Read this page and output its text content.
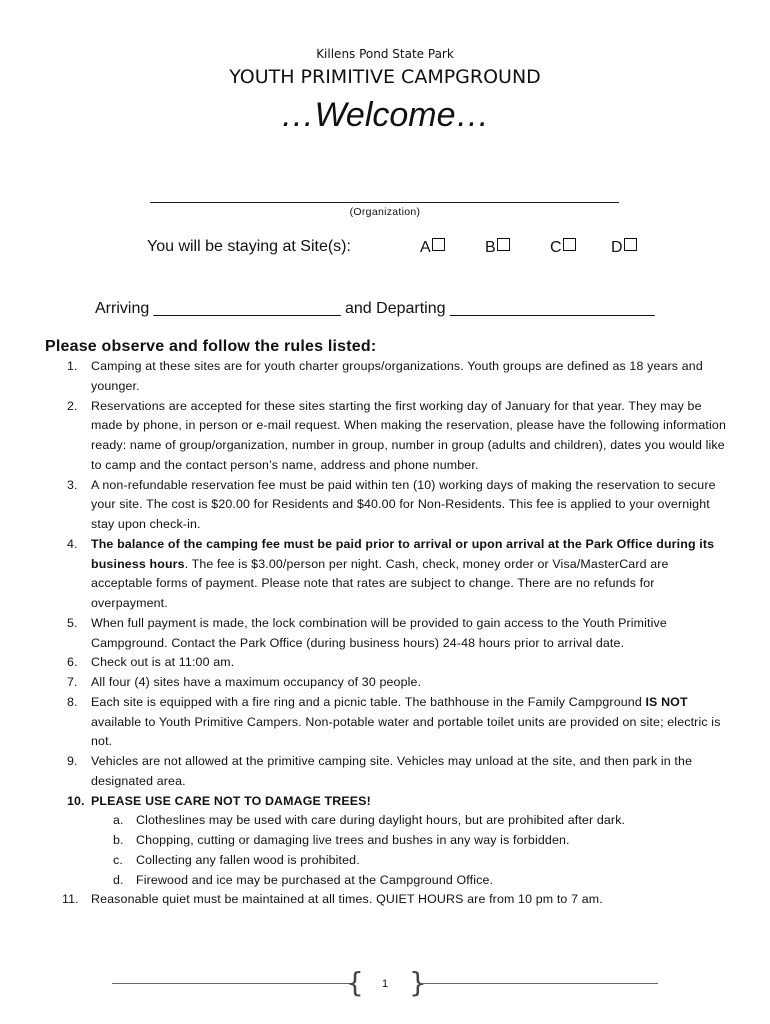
Killens Pond State Park
YOUTH PRIMITIVE CAMPGROUND
…Welcome…
(Organization)
You will be staying at Site(s):	A	B	C	D
Arriving _____________________ and Departing _______________________
Please observe and follow the rules listed:
1. Camping at these sites are for youth charter groups/organizations. Youth groups are defined as 18 years and younger.
2. Reservations are accepted for these sites starting the first working day of January for that year. They may be made by phone, in person or e-mail request. When making the reservation, please have the following information ready: name of group/organization, number in group, number in group (adults and children), dates you would like to camp and the contact person’s name, address and phone number.
3. A non-refundable reservation fee must be paid within ten (10) working days of making the reservation to secure your site. The cost is $20.00 for Residents and $40.00 for Non-Residents. This fee is applied to your overnight stay upon check-in.
4. The balance of the camping fee must be paid prior to arrival or upon arrival at the Park Office during its business hours. The fee is $3.00/person per night. Cash, check, money order or Visa/MasterCard are acceptable forms of payment. Please note that rates are subject to change. There are no refunds for overpayment.
5. When full payment is made, the lock combination will be provided to gain access to the Youth Primitive Campground. Contact the Park Office (during business hours) 24-48 hours prior to arrival date.
6. Check out is at 11:00 am.
7. All four (4) sites have a maximum occupancy of 30 people.
8. Each site is equipped with a fire ring and a picnic table. The bathhouse in the Family Campground IS NOT available to Youth Primitive Campers. Non-potable water and portable toilet units are provided on site; electric is not.
9. Vehicles are not allowed at the primitive camping site. Vehicles may unload at the site, and then park in the designated area.
10. PLEASE USE CARE NOT TO DAMAGE TREES!
a. Clotheslines may be used with care during daylight hours, but are prohibited after dark.
b. Chopping, cutting or damaging live trees and bushes in any way is forbidden.
c. Collecting any fallen wood is prohibited.
d. Firewood and ice may be purchased at the Campground Office.
11. Reasonable quiet must be maintained at all times. QUIET HOURS are from 10 pm to 7 am.
{	1 }
